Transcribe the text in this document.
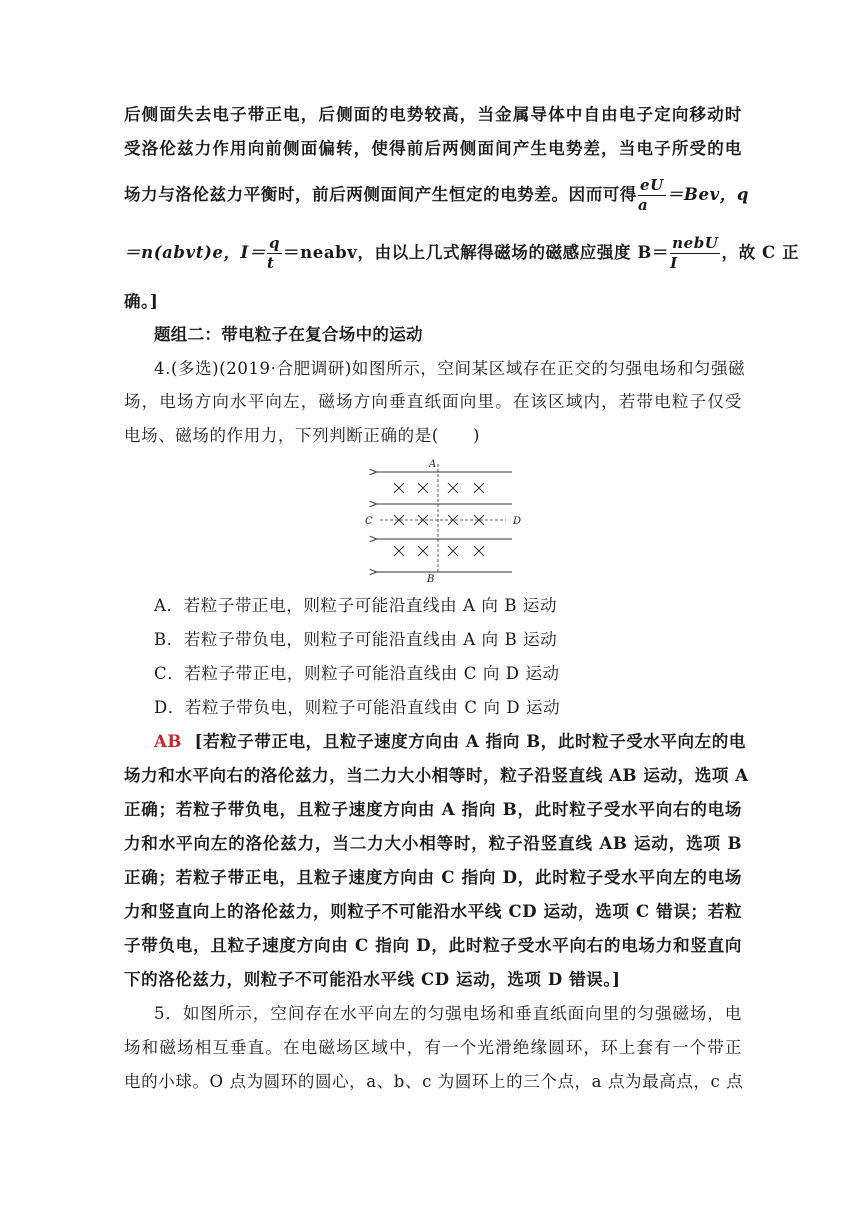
后侧面失去电子带正电，后侧面的电势较高，当金属导体中自由电子定向移动时
受洛伦兹力作用向前侧面偏转，使得前后两侧面间产生电势差，当电子所受的电
场力与洛伦兹力平衡时，前后两侧面间产生恒定的电势差。因而可得 $\frac{eU}{a} =Bev$，q
＝n(abvt)e，$I= \frac{q}{t}$ ＝neabv，由以上几式解得磁场的磁感应强度 $B= \frac{\text{nebU}}{I}$ ，故 C 正
确。]
题组二：带电粒子在复合场中的运动
4.(多选)(2019·合肥调研)如图所示，空间某区域存在正交的匀强电场和匀强磁
场，电场方向水平向左，磁场方向垂直纸面向里。在该区域内，若带电粒子仅受
电场、磁场的作用力，下列判断正确的是(　　)
A
B
C	D
A．若粒子带正电，则粒子可能沿直线由 A 向 B 运动
B．若粒子带负电，则粒子可能沿直线由 A 向 B 运动
C．若粒子带正电，则粒子可能沿直线由 C 向 D 运动
D．若粒子带负电，则粒子可能沿直线由 C 向 D 运动
AB [若粒子带正电，且粒子速度方向由 A 指向 B，此时粒子受水平向左的电
场力和水平向右的洛伦兹力，当二力大小相等时，粒子沿竖直线 AB 运动，选项 A
正确；若粒子带负电，且粒子速度方向由 A 指向 B，此时粒子受水平向右的电场
力和水平向左的洛伦兹力，当二力大小相等时，粒子沿竖直线 AB 运动，选项 B
正确；若粒子带正电，且粒子速度方向由 C 指向 D，此时粒子受水平向左的电场
力和竖直向上的洛伦兹力，则粒子不可能沿水平线 CD 运动，选项 C 错误；若粒
子带负电，且粒子速度方向由 C 指向 D，此时粒子受水平向右的电场力和竖直向
下的洛伦兹力，则粒子不可能沿水平线 CD 运动，选项 D 错误。]
5．如图所示，空间存在水平向左的匀强电场和垂直纸面向里的匀强磁场，电
场和磁场相互垂直。在电磁场区域中，有一个光滑绝缘圆环，环上套有一个带正
电的小球。O 点为圆环的圆心，a、b、c 为圆环上的三个点，a 点为最高点，c 点
